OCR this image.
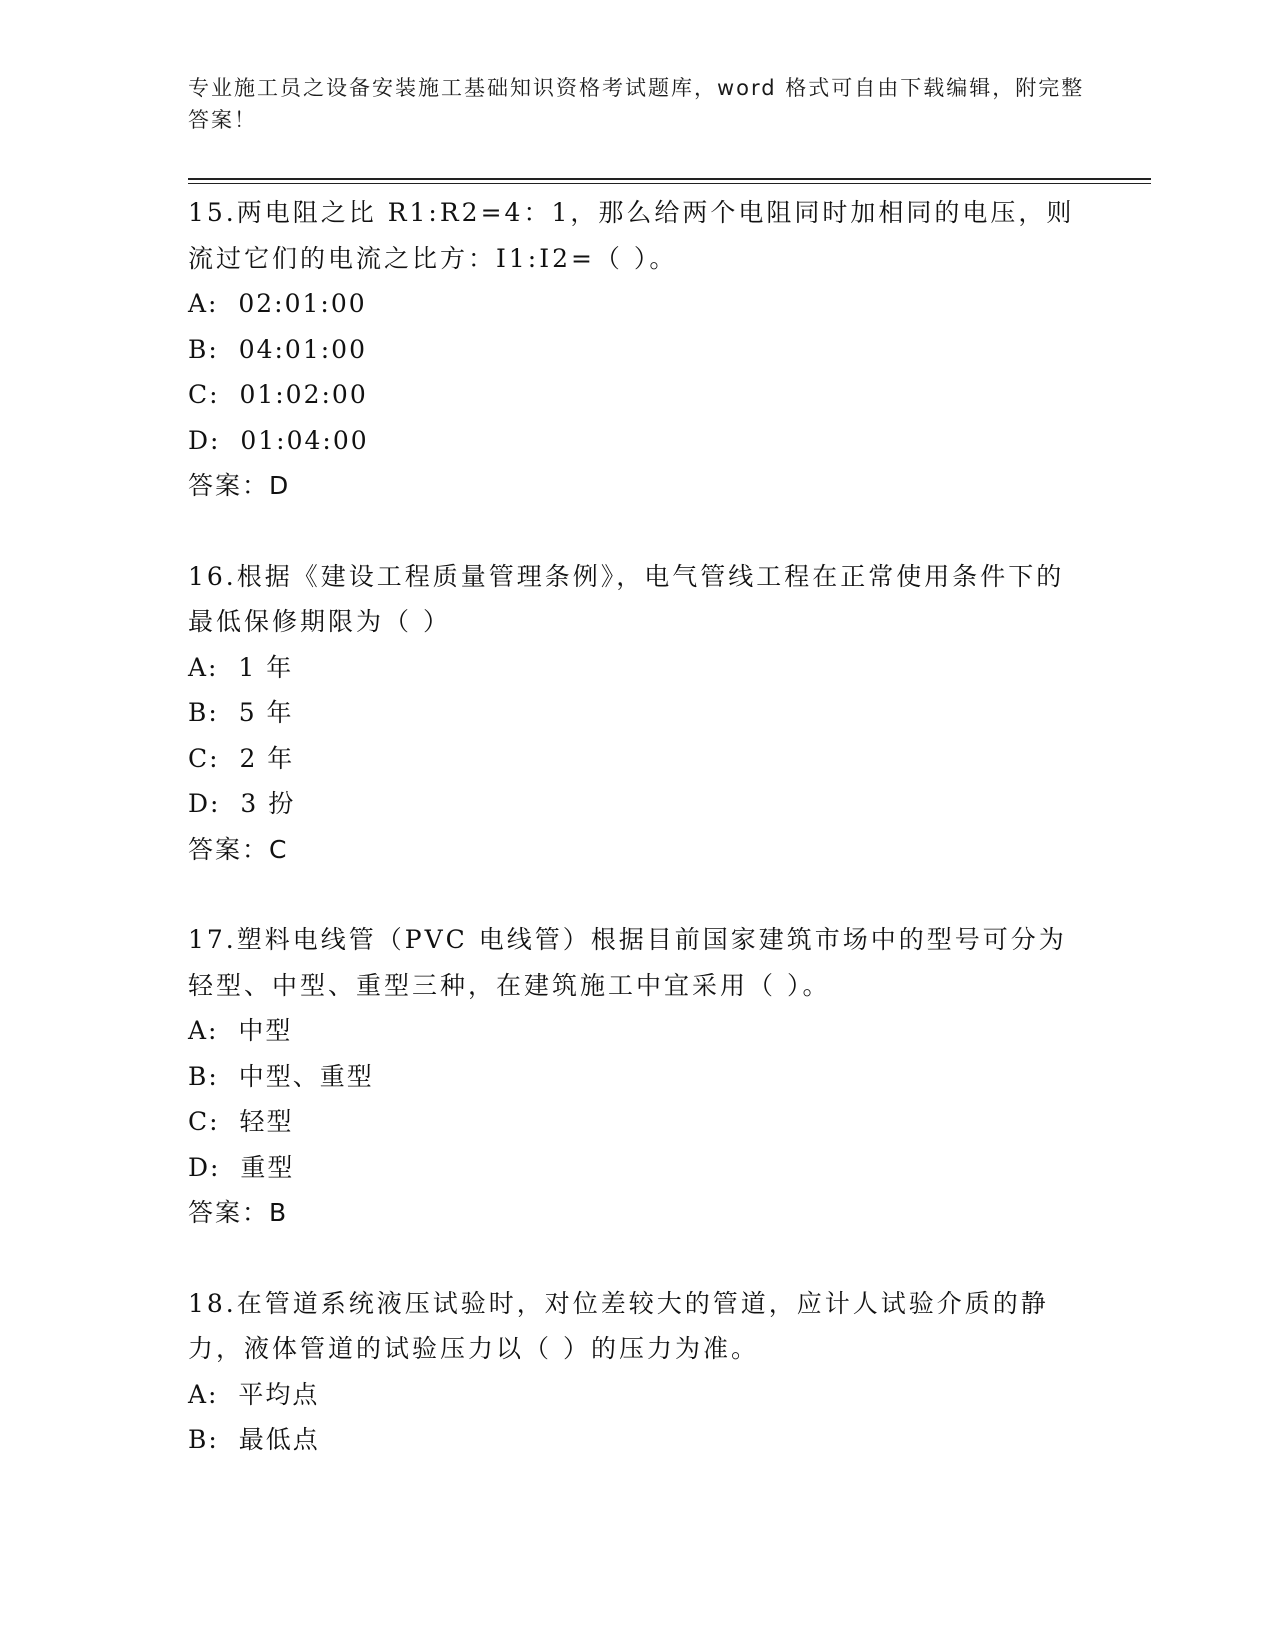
专业施工员之设备安装施工基础知识资格考试题库，word 格式可自由下载编辑，附完整答案！

15.两电阻之比 R1:R2=4：1，那么给两个电阻同时加相同的电压，则流过它们的电流之比方：I1:I2=（ ）。

A:  02:01:00

B:  04:01:00

C:  01:02:00

D:  01:04:00

答案：D

16.根据《建设工程质量管理条例》，电气管线工程在正常使用条件下的最低保修期限为（ ）

A:  1 年

B:  5 年

C:  2 年

D:  3 扮

答案：C

17.塑料电线管（PVC 电线管）根据目前国家建筑市场中的型号可分为轻型、中型、重型三种，在建筑施工中宜采用（ ）。

A:  中型

B:  中型、重型

C:  轻型

D:  重型

答案：B

18.在管道系统液压试验时，对位差较大的管道，应计人试验介质的静力，液体管道的试验压力以（ ）的压力为准。

A:  平均点

B:  最低点
